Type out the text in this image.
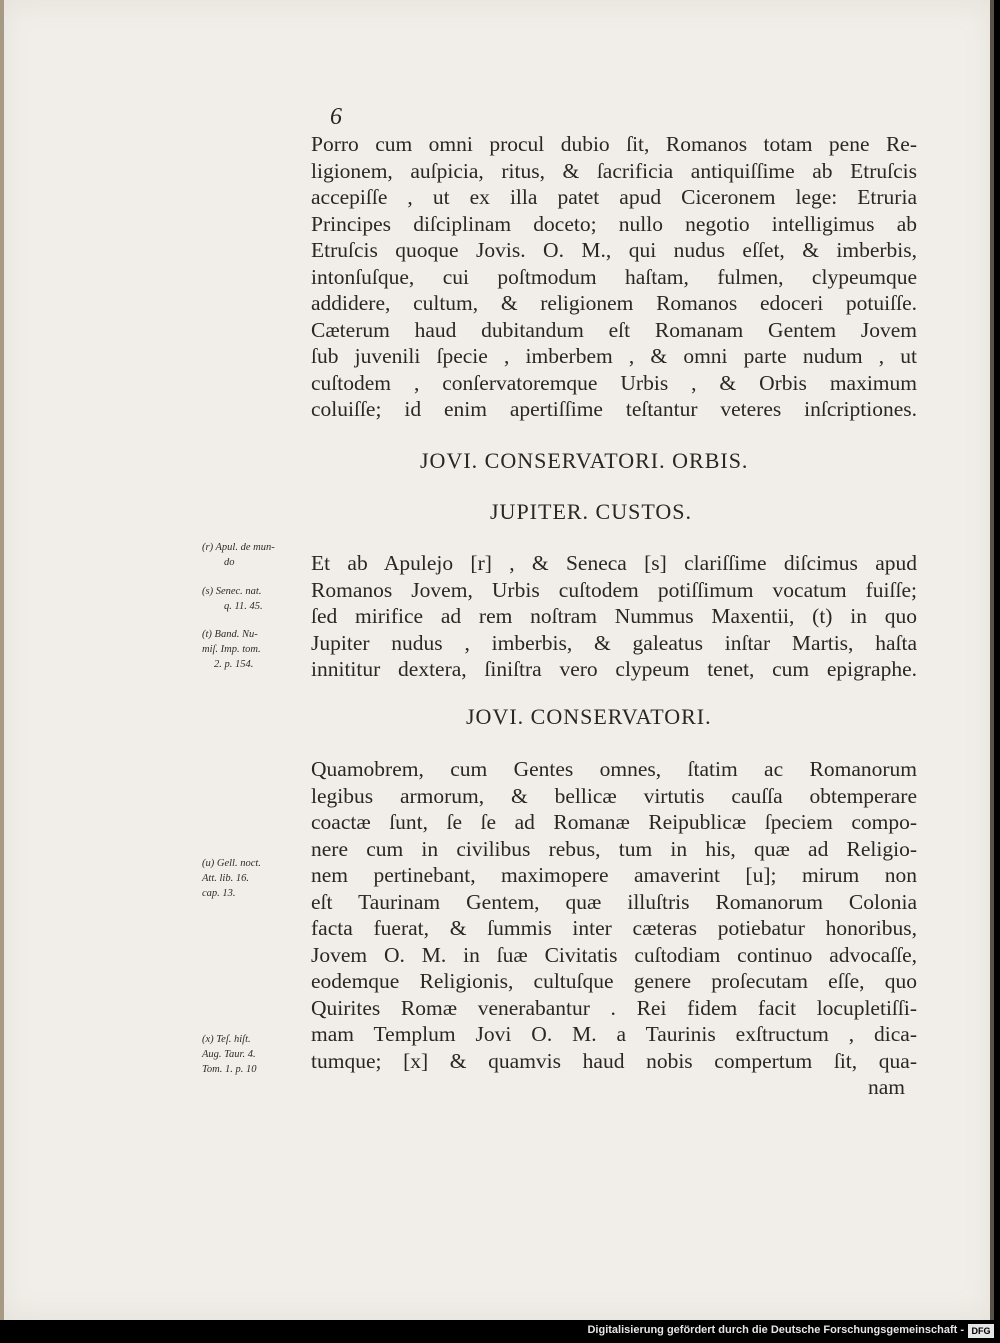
6
Porro cum omni procul dubio ſit, Romanos totam pene Re-
ligionem, auſpicia, ritus, & ſacrificia antiquiſſime ab Etruſcis
accepiſſe , ut ex illa patet apud Ciceronem lege: Etruria
Principes diſciplinam doceto; nullo negotio intelligimus ab
Etruſcis quoque Jovis. O. M., qui nudus eſſet, & imberbis,
intonſuſque, cui poſtmodum haſtam, fulmen, clypeumque
addidere, cultum, & religionem Romanos edoceri potuiſſe.
Cæterum haud dubitandum eſt Romanam Gentem Jovem
ſub juvenili ſpecie , imberbem , & omni parte nudum , ut
cuſtodem , conſervatoremque Urbis , & Orbis maximum
coluiſſe; id enim apertiſſime teſtantur veteres inſcriptiones.
JOVI. CONSERVATORI. ORBIS.
JUPITER. CUSTOS.
Et ab Apulejo [r] , & Seneca [s] clariſſime diſcimus apud
Romanos Jovem, Urbis cuſtodem potiſſimum vocatum fuiſſe;
ſed mirifice ad rem noſtram Nummus Maxentii, (t) in quo
Jupiter nudus , imberbis, & galeatus inſtar Martis, haſta
innititur dextera, ſiniſtra vero clypeum tenet, cum epigraphe.
JOVI. CONSERVATORI.
Quamobrem, cum Gentes omnes, ſtatim ac Romanorum
legibus armorum, & bellicæ virtutis cauſſa obtemperare
coactæ ſunt, ſe ſe ad Romanæ Reipublicæ ſpeciem compo-
nere cum in civilibus rebus, tum in his, quæ ad Religio-
nem pertinebant, maximopere amaverint [u]; mirum non
eſt Taurinam Gentem, quæ illuſtris Romanorum Colonia
facta fuerat, & ſummis inter cæteras potiebatur honoribus,
Jovem O. M. in ſuæ Civitatis cuſtodiam continuo advocaſſe,
eodemque Religionis, cultuſque genere proſecutam eſſe, quo
Quirites Romæ venerabantur . Rei fidem facit locupletiſſi-
mam Templum Jovi O. M. a Taurinis exſtructum , dica-
tumque; [x] & quamvis haud nobis compertum ſit, qua-
nam
(r) Apul. de mun-
do
(s) Senec. nat.
q. 11. 45.
(t) Band. Nu-
miſ. Imp. tom.
2. p. 154.
(u) Gell. noct.
Att. lib. 16.
cap. 13.
(x) Teſ. hiſt.
Aug. Taur. 4.
Tom. 1. p. 10
Digitalisierung gefördert durch die Deutsche Forschungsgemeinschaft - DFG
